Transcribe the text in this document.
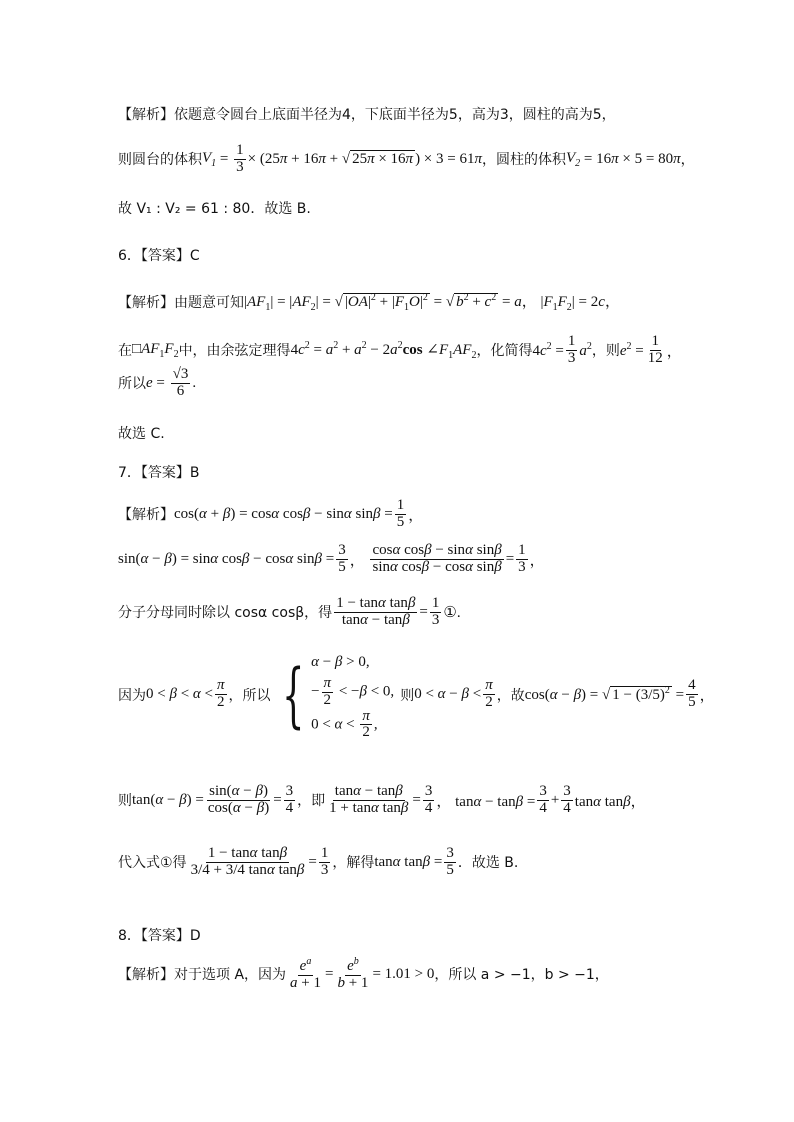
【解析】依题意令圆台上底面半径为4，下底面半径为5，高为3，圆柱的高为5，
则圆台的体积 $V_1 = \frac{1}{3} \times (25\pi + 16\pi$ + √ 25π × 16π ) × 3 = 61π ，圆柱的体积 $V_2 = 16\pi \times 5 = 80\pi$ ，
故 V₁ : V₂ = 61 : 80．故选 B.
6．【答案】C
【解析】由题意可知 $|AF_1| = |AF_2|$ = √ $|OA|^2 + |F_1O|^2$ = √ $b^2 + c^2 = a$， $|F_1F_2| = 2c$，
在 $□AF_1F_2$ 中，由余弦定理得 $4c^2 = a^2 + a^2 - 2a^2\cos$ $\angle F_1AF_2$ ，化简得 $4c^2 = \frac{1}{3} a^2$ ，则 $e^2 = \frac{1}{12}$ ，
所以 $e = \frac{√3}{6}$ .
故选 C.
7．【答案】B
【解析】 cos(α + β) = cosα cosβ − sinα $\sin\beta = \frac{1}{5}$ ，
sin(α − β) = sinα cosβ − cosα $\sin\beta = \frac{3}{5}$ ， $\frac{\text{cosα cosβ − sinα sinβ}}{\text{sinα cosβ − cosα sinβ}} = \frac{1}{3}$ ，
分子分母同时除以 cosα cosβ，得 $\frac{\text{1 − tanα tanβ}}{\tan\alpha - \tan\beta} = \frac{1}{3}$ ①.
因为 $0 < \beta < \alpha < \frac{\pi}{2}$ ，所以 { α − β > 0,
− $\frac{\pi}{2} < -\beta < 0$,
$0 < \alpha < \frac{\pi}{2}$ ,
则 $0 < \alpha - \beta < \frac{\pi}{2}$ ，故 cos(α − β) = √ $1 - (3/5)^2 = \frac{4}{5}$ ，
则 $\tan(\alpha - \beta) = \frac{\sin(\alpha - \beta)}{\cos(\alpha - \beta)} = \frac{3}{4}$ ，即 $\frac{\tan\alpha - \tan\beta}{\text{1 + tanα tanβ}} = \frac{3}{4}$ ， $\tan\alpha - \tan\beta = \frac{3}{4} + \frac{3}{4}$ tanα tanβ，
代入式①得 $\frac{\text{1 − tanα tanβ}}{\text{3/4 + 3/4 tanα tanβ}} = \frac{1}{3}$ ，解得 tanα $\tan\beta = \frac{3}{5}$ ．故选 B.
8．【答案】D
【解析】对于选项 A，因为 $\frac{e^a}{a + 1} = \frac{e^b}{b + 1} = 1.01 > 0$ ，所以 a > −1，b > −1，
